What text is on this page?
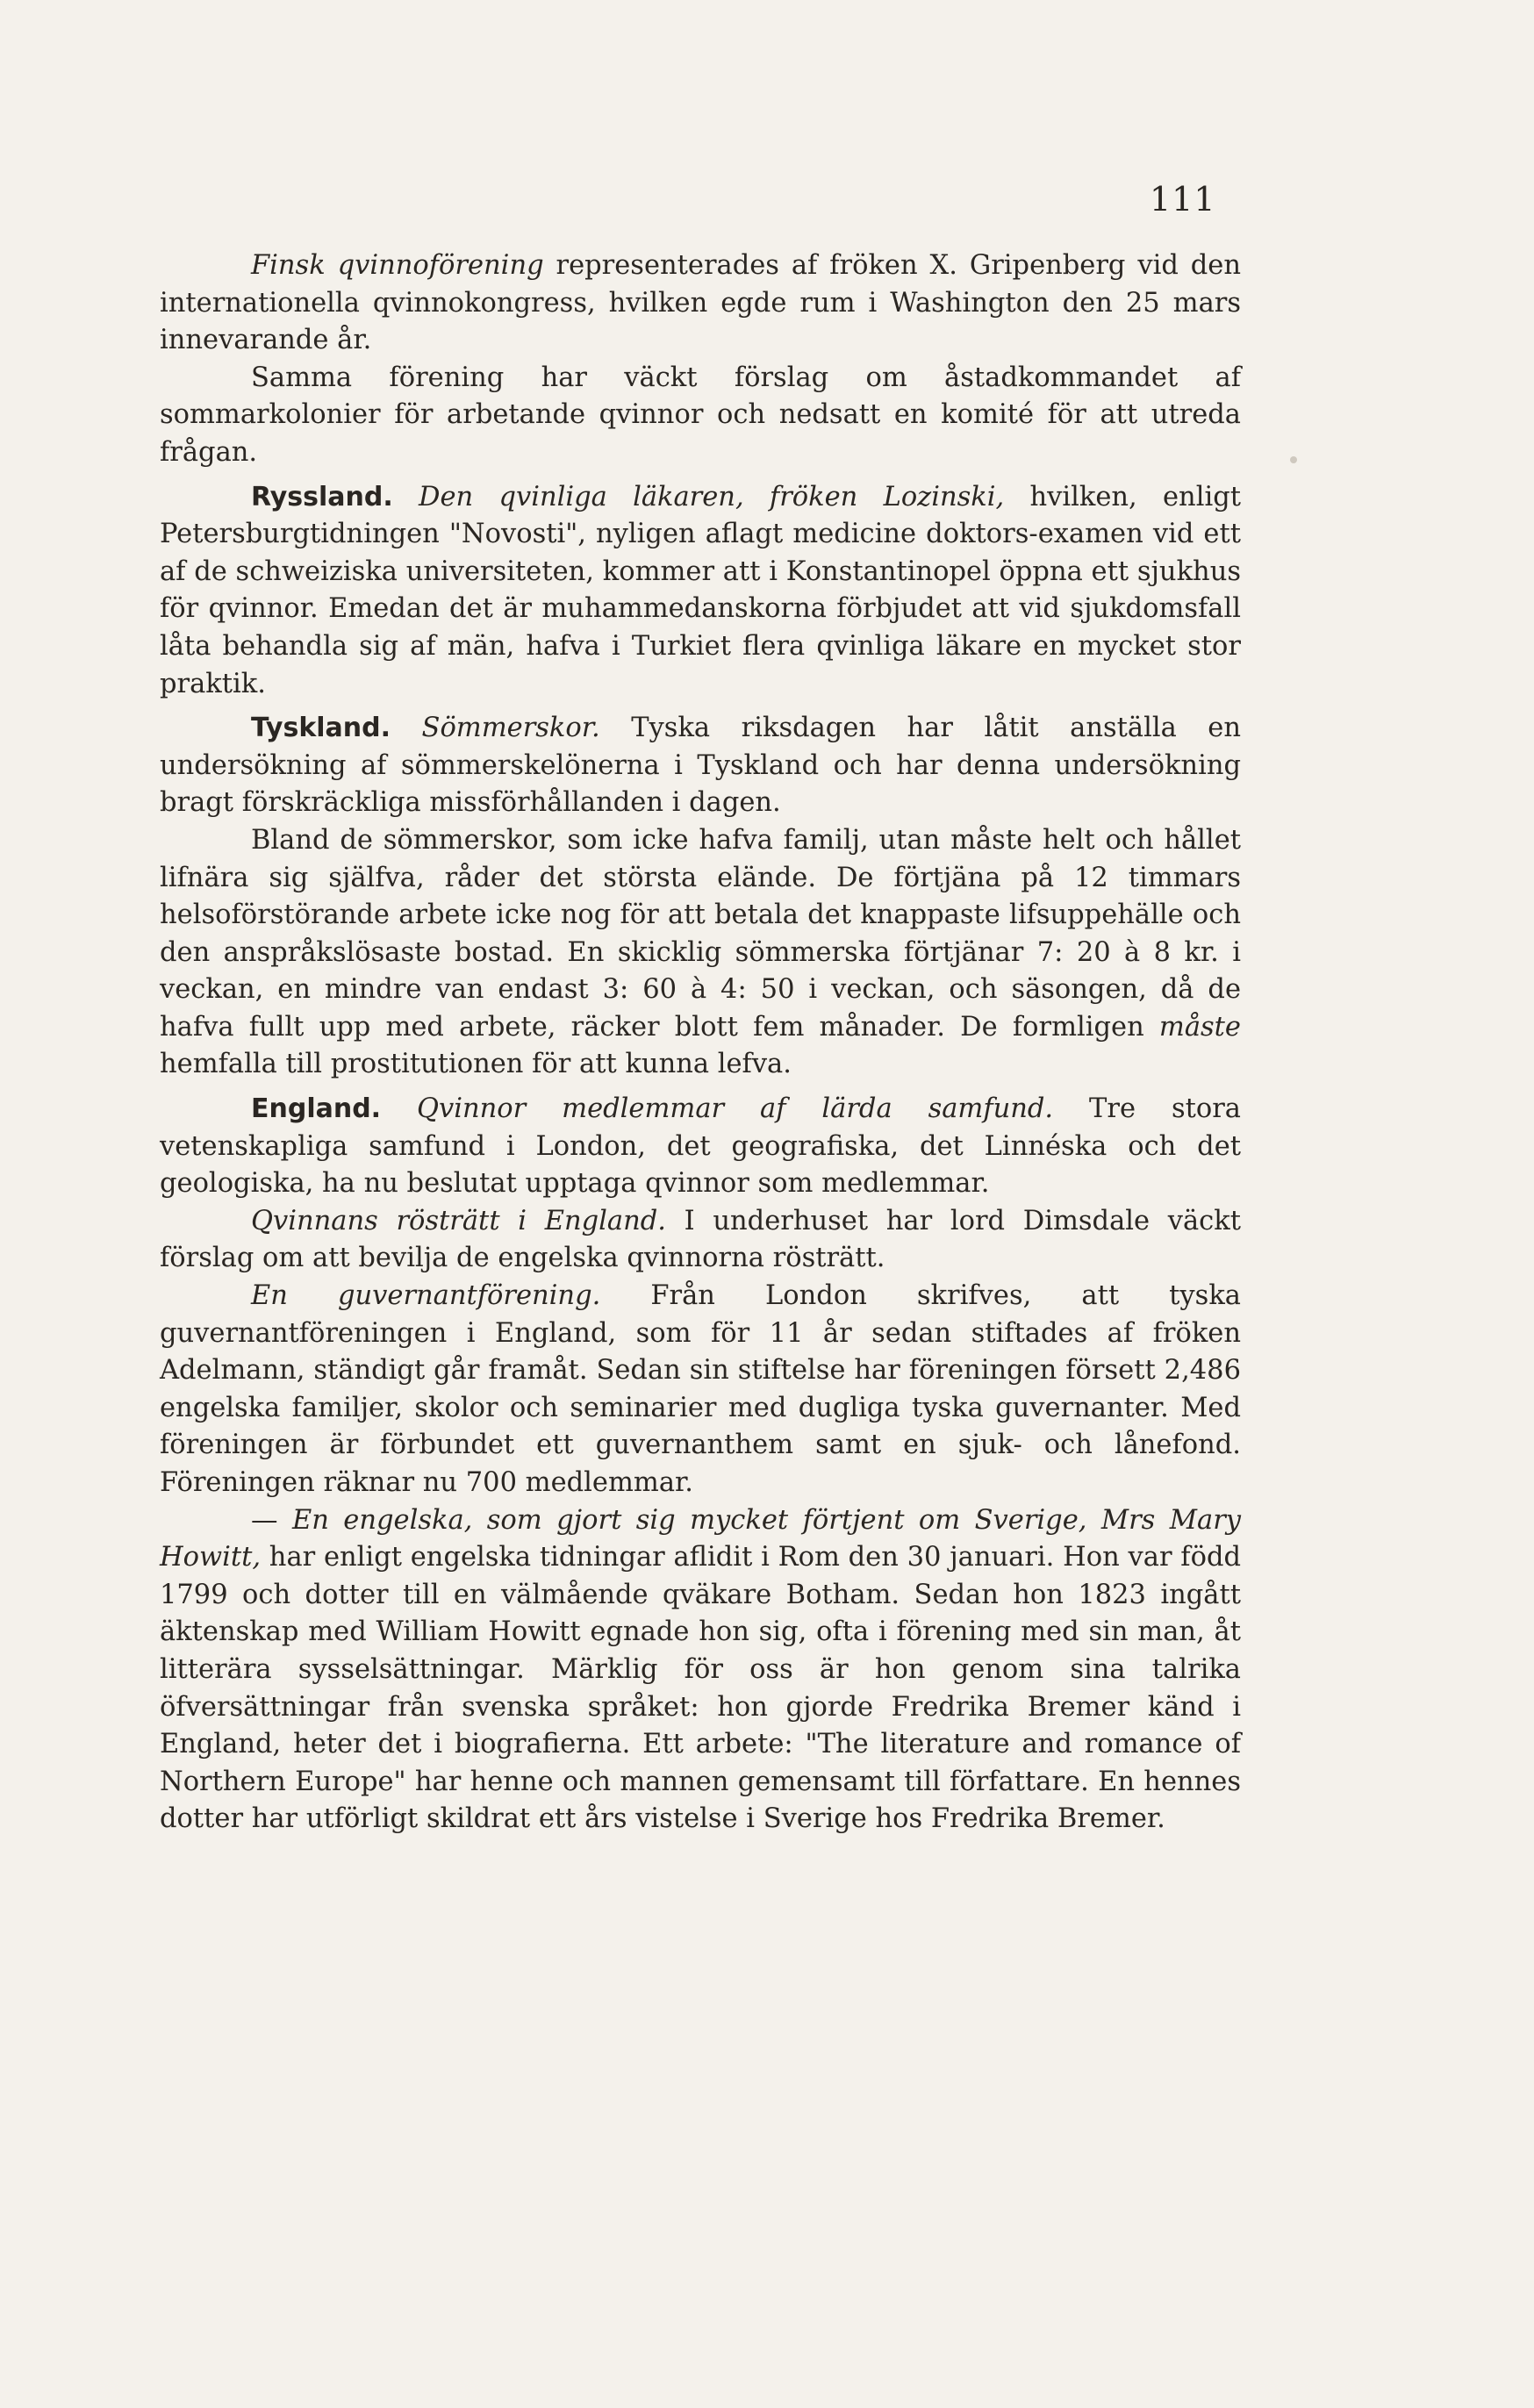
111

Finsk qvinnoförening representerades af fröken X. Gripenberg vid den internationella qvinnokongress, hvilken egde rum i Washington den 25 mars innevarande år.

Samma förening har väckt förslag om åstadkommandet af sommarkolonier för arbetande qvinnor och nedsatt en komité för att utreda frågan.

Ryssland. Den qvinliga läkaren, fröken Lozinski, hvilken, enligt Petersburgtidningen "Novosti", nyligen aflagt medicine doktors-examen vid ett af de schweiziska universiteten, kommer att i Konstantinopel öppna ett sjukhus för qvinnor. Emedan det är muhammedanskorna förbjudet att vid sjukdomsfall låta behandla sig af män, hafva i Turkiet flera qvinliga läkare en mycket stor praktik.

Tyskland. Sömmerskor. Tyska riksdagen har låtit anställa en undersökning af sömmerskelönerna i Tyskland och har denna undersökning bragt förskräckliga missförhållanden i dagen.

Bland de sömmerskor, som icke hafva familj, utan måste helt och hållet lifnära sig själfva, råder det största elände. De förtjäna på 12 timmars helsoförstörande arbete icke nog för att betala det knappaste lifsuppehälle och den anspråkslösaste bostad. En skicklig sömmerska förtjänar 7: 20 à 8 kr. i veckan, en mindre van endast 3: 60 à 4: 50 i veckan, och säsongen, då de hafva fullt upp med arbete, räcker blott fem månader. De formligen måste hemfalla till prostitutionen för att kunna lefva.

England. Qvinnor medlemmar af lärda samfund. Tre stora vetenskapliga samfund i London, det geografiska, det Linnéska och det geologiska, ha nu beslutat upptaga qvinnor som medlemmar.

Qvinnans rösträtt i England. I underhuset har lord Dimsdale väckt förslag om att bevilja de engelska qvinnorna rösträtt.

En guvernantförening. Från London skrifves, att tyska guvernantföreningen i England, som för 11 år sedan stiftades af fröken Adelmann, ständigt går framåt. Sedan sin stiftelse har föreningen försett 2,486 engelska familjer, skolor och seminarier med dugliga tyska guvernanter. Med föreningen är förbundet ett guvernanthem samt en sjuk- och lånefond. Föreningen räknar nu 700 medlemmar.

— En engelska, som gjort sig mycket förtjent om Sverige, Mrs Mary Howitt, har enligt engelska tidningar aflidit i Rom den 30 januari. Hon var född 1799 och dotter till en välmående qväkare Botham. Sedan hon 1823 ingått äktenskap med William Howitt egnade hon sig, ofta i förening med sin man, åt litterära sysselsättningar. Märklig för oss är hon genom sina talrika öfversättningar från svenska språket: hon gjorde Fredrika Bremer känd i England, heter det i biografierna. Ett arbete: "The literature and romance of Northern Europe" har henne och mannen gemensamt till författare. En hennes dotter har utförligt skildrat ett års vistelse i Sverige hos Fredrika Bremer.
